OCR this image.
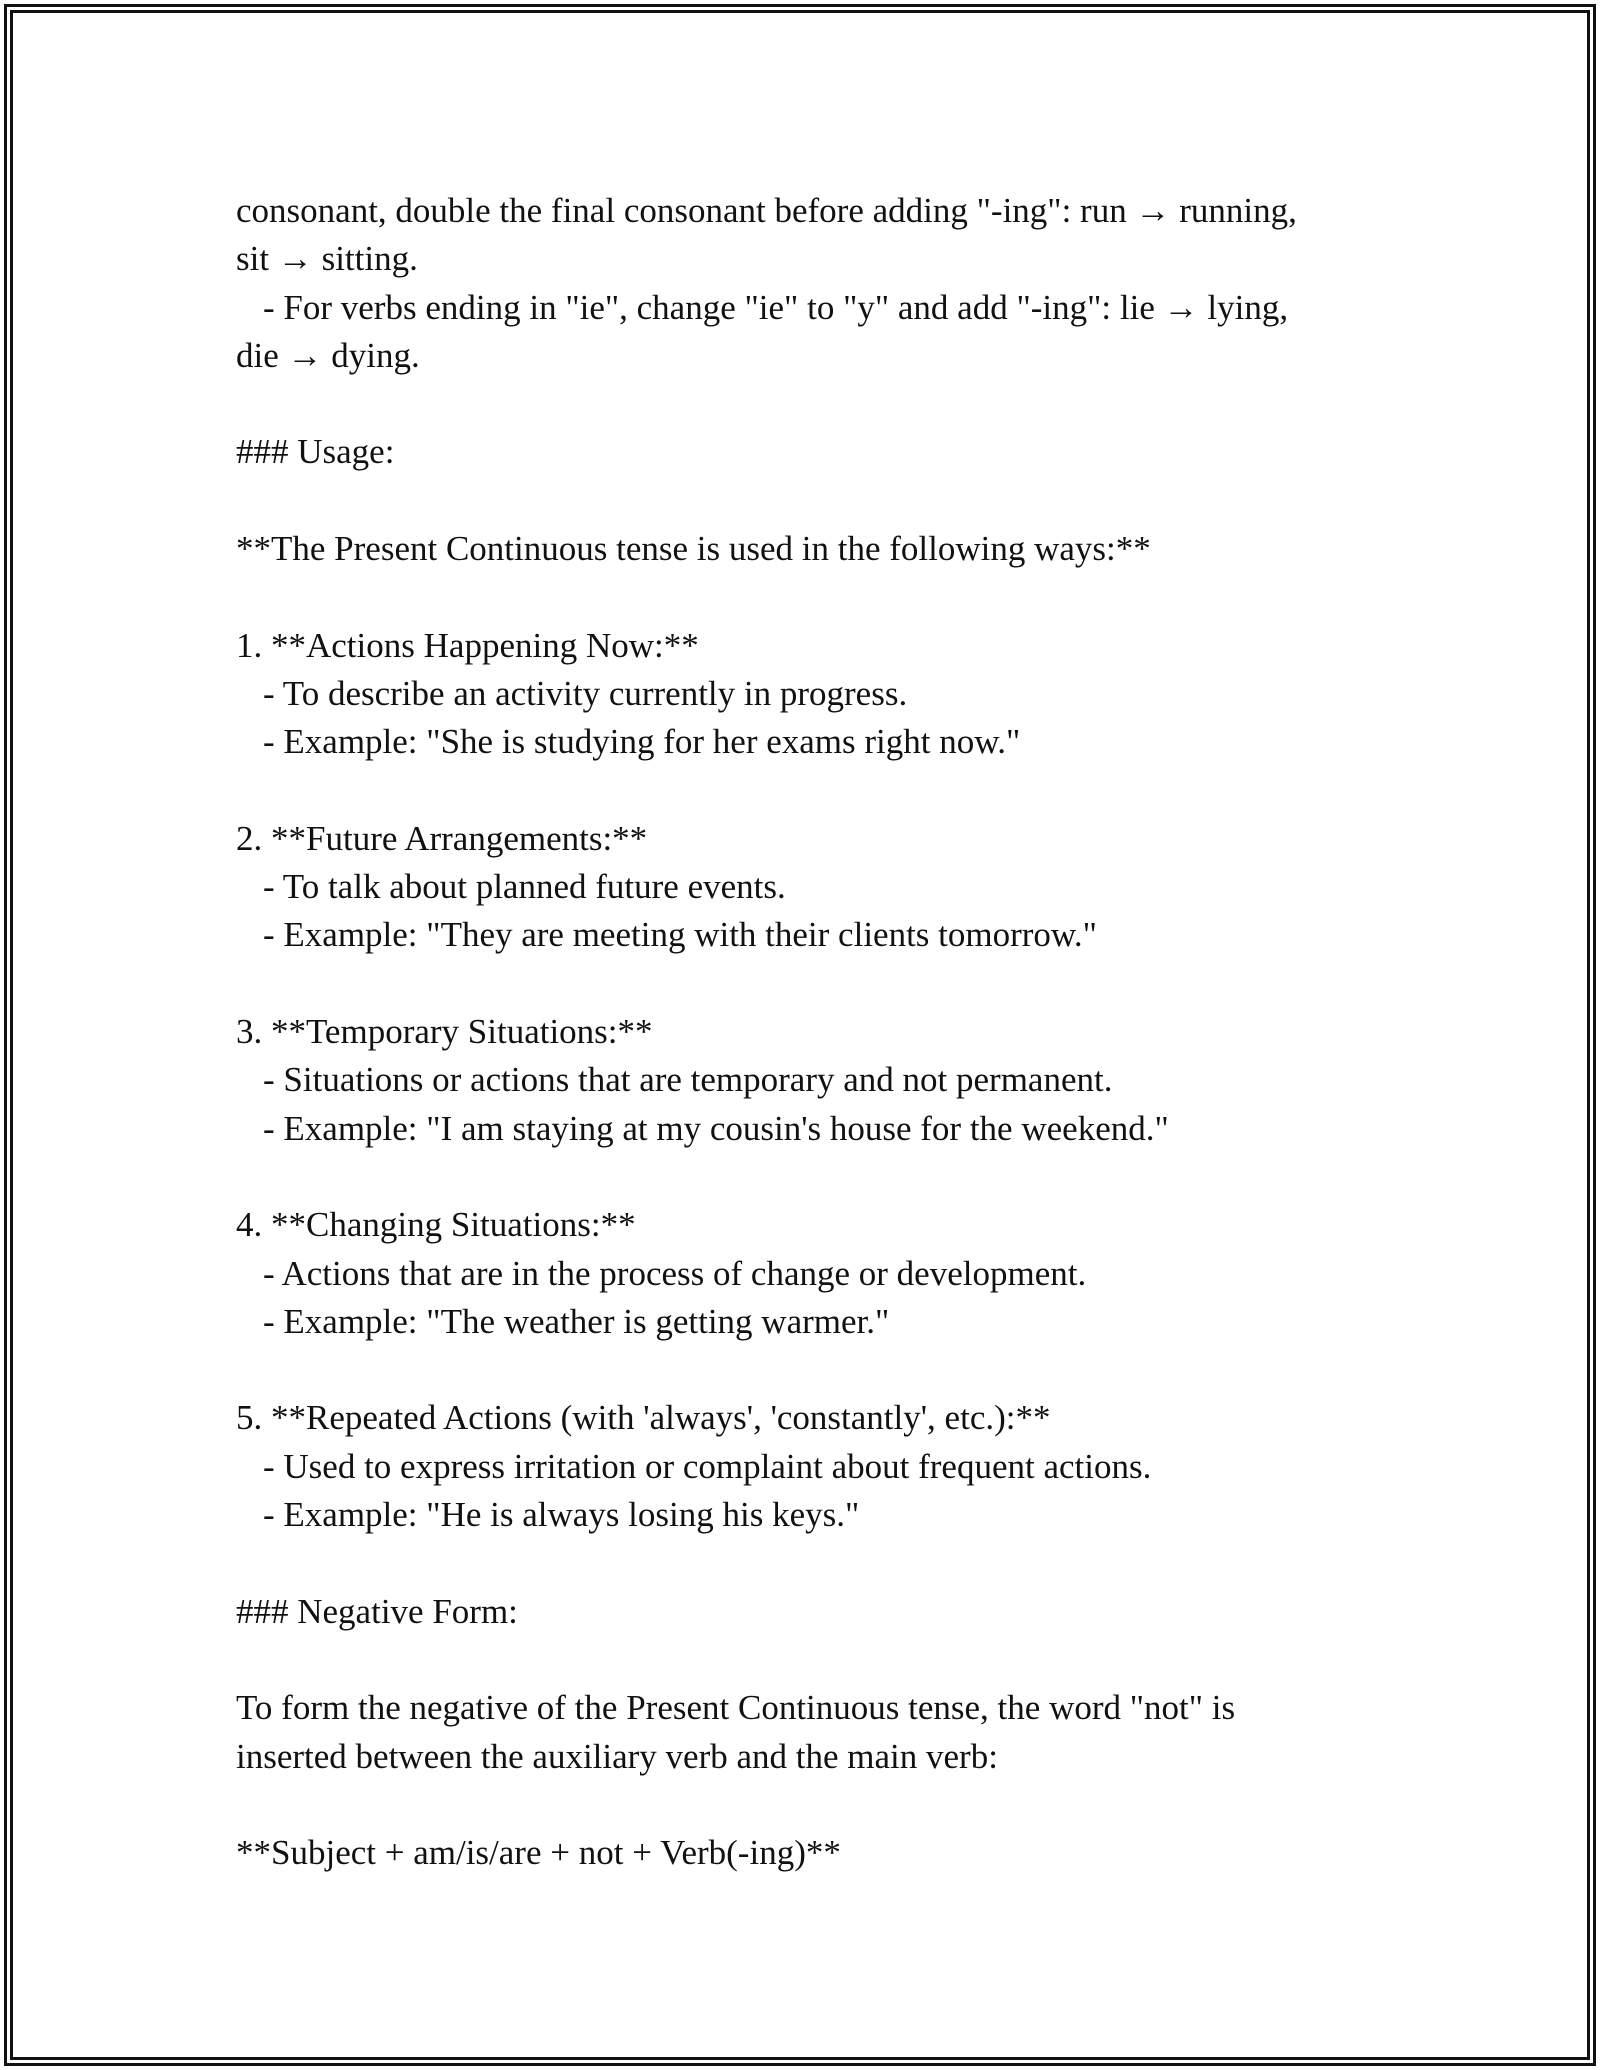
consonant, double the final consonant before adding "-ing": run → running,
sit → sitting.
- For verbs ending in "ie", change "ie" to "y" and add "-ing": lie → lying,
die → dying.
### Usage:
**The Present Continuous tense is used in the following ways:**
1. **Actions Happening Now:**
- To describe an activity currently in progress.
- Example: "She is studying for her exams right now."
2. **Future Arrangements:**
- To talk about planned future events.
- Example: "They are meeting with their clients tomorrow."
3. **Temporary Situations:**
- Situations or actions that are temporary and not permanent.
- Example: "I am staying at my cousin's house for the weekend."
4. **Changing Situations:**
- Actions that are in the process of change or development.
- Example: "The weather is getting warmer."
5. **Repeated Actions (with 'always', 'constantly', etc.):**
- Used to express irritation or complaint about frequent actions.
- Example: "He is always losing his keys."
### Negative Form:
To form the negative of the Present Continuous tense, the word "not" is
inserted between the auxiliary verb and the main verb:
**Subject + am/is/are + not + Verb(-ing)**
